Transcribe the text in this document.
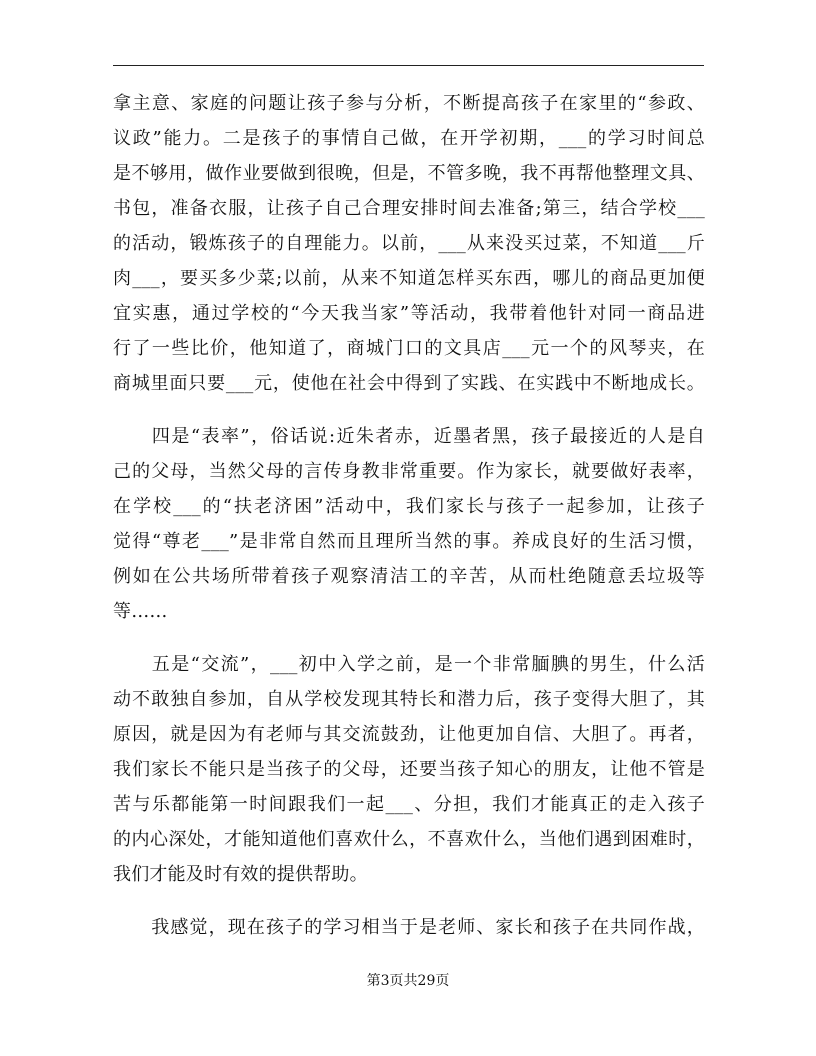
拿主意、家庭的问题让孩子参与分析，不断提高孩子在家里的“参政、
议政”能力。二是孩子的事情自己做，在开学初期，___的学习时间总
是不够用，做作业要做到很晚，但是，不管多晚，我不再帮他整理文具、
书包，准备衣服，让孩子自己合理安排时间去准备;第三，结合学校___
的活动，锻炼孩子的自理能力。以前，___从来没买过菜，不知道___斤
肉___，要买多少菜;以前，从来不知道怎样买东西，哪儿的商品更加便
宜实惠，通过学校的“今天我当家”等活动，我带着他针对同一商品进
行了一些比价，他知道了，商城门口的文具店___元一个的风琴夹，在
商城里面只要___元，使他在社会中得到了实践、在实践中不断地成长。
　　四是“表率”，俗话说:近朱者赤，近墨者黑，孩子最接近的人是自
己的父母，当然父母的言传身教非常重要。作为家长，就要做好表率，
在学校___的“扶老济困”活动中，我们家长与孩子一起参加，让孩子
觉得“尊老___”是非常自然而且理所当然的事。养成良好的生活习惯，
例如在公共场所带着孩子观察清洁工的辛苦，从而杜绝随意丢垃圾等
等……
　　五是“交流”，___初中入学之前，是一个非常腼腆的男生，什么活
动不敢独自参加，自从学校发现其特长和潜力后，孩子变得大胆了，其
原因，就是因为有老师与其交流鼓劲，让他更加自信、大胆了。再者，
我们家长不能只是当孩子的父母，还要当孩子知心的朋友，让他不管是
苦与乐都能第一时间跟我们一起___、分担，我们才能真正的走入孩子
的内心深处，才能知道他们喜欢什么，不喜欢什么，当他们遇到困难时，
我们才能及时有效的提供帮助。
　　我感觉，现在孩子的学习相当于是老师、家长和孩子在共同作战，
第3页共29页
